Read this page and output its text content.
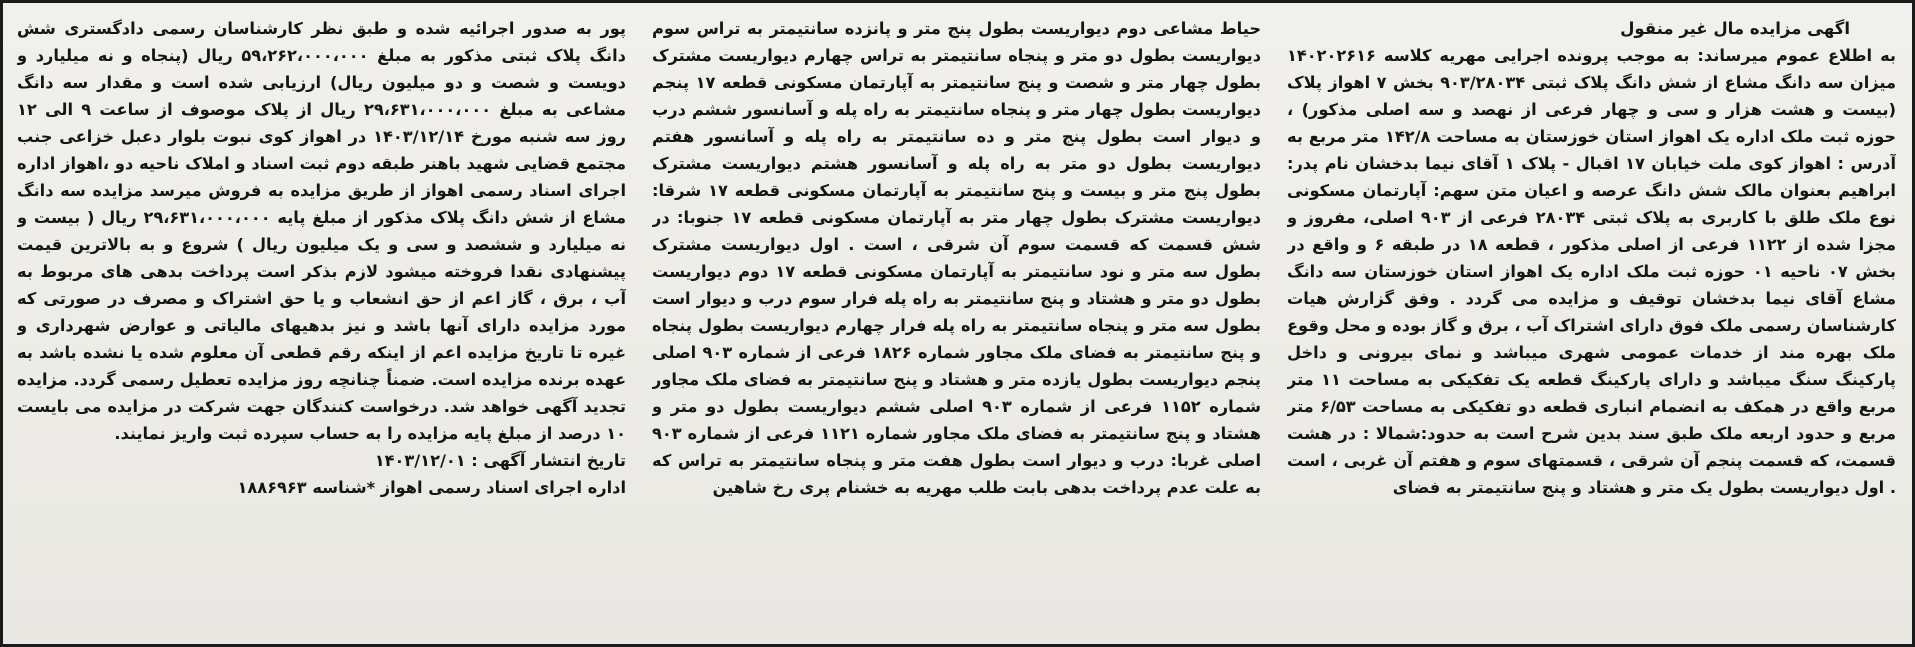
اگهی مزایده مال غیر منقول
به اطلاع عموم میرساند: به موجب پرونده اجرایی مهریه کلاسه ۱۴۰۲۰۲۶۱۶ میزان سه دانگ مشاع از شش دانگ پلاک ثبتی ۹۰۳/۲۸۰۳۴ بخش ۷ اهواز پلاک (بیست و هشت هزار و سی و چهار فرعی از نهصد و سه اصلی مذکور) ، حوزه ثبت ملک اداره یک اهواز استان خوزستان به مساحت ۱۴۲/۸ متر مربع به آدرس : اهواز کوی ملت خیابان ۱۷ اقبال - پلاک ۱ آقای نیما بدخشان نام پدر: ابراهیم بعنوان مالک شش دانگ عرصه و اعیان متن سهم: آپارتمان مسکونی نوع ملک طلق با کاربری به پلاک ثبتی ۲۸۰۳۴ فرعی از ۹۰۳ اصلی، مفروز و مجزا شده از ۱۱۲۲ فرعی از اصلی مذکور ، قطعه ۱۸ در طبقه ۶ و واقع در بخش ۰۷ ناحیه ۰۱ حوزه ثبت ملک اداره یک اهواز استان خوزستان سه دانگ مشاع آقای نیما بدخشان توقیف و مزایده می گردد . وفق گزارش هیات کارشناسان رسمی ملک فوق دارای اشتراک آب ، برق و گاز بوده و محل وقوع ملک بهره مند از خدمات عمومی شهری میباشد و نمای بیرونی و داخل پارکینگ سنگ میباشد و دارای پارکینگ قطعه یک تفکیکی به مساحت ۱۱ متر مربع واقع در همکف به انضمام انباری قطعه دو تفکیکی به مساحت ۶/۵۳ متر مربع و حدود اربعه ملک طبق سند بدین شرح است به حدود:شمالا : در هشت قسمت، که قسمت پنجم آن شرقی ، قسمتهای سوم و هفتم آن غربی ، است . اول دیواریست بطول یک متر و هشتاد و پنج سانتیمتر به فضای
حیاط مشاعی دوم دیواریست بطول پنج متر و پانزده سانتیمتر به تراس سوم دیواریست بطول دو متر و پنجاه سانتیمتر به تراس چهارم دیواریست مشترک بطول چهار متر و شصت و پنج سانتیمتر به آپارتمان مسکونی قطعه ۱۷ پنجم دیواریست بطول چهار متر و پنجاه سانتیمتر به راه پله و آسانسور ششم درب و دیوار است بطول پنج متر و ده سانتیمتر به راه پله و آسانسور هفتم دیواریست بطول دو متر به راه پله و آسانسور هشتم دیواریست مشترک بطول پنج متر و بیست و پنج سانتیمتر به آپارتمان مسکونی قطعه ۱۷ شرقا: دیواریست مشترک بطول چهار متر به آپارتمان مسکونی قطعه ۱۷ جنوبا: در شش قسمت که قسمت سوم آن شرقی ، است . اول دیواریست مشترک بطول سه متر و نود سانتیمتر به آپارتمان مسکونی قطعه ۱۷ دوم دیواریست بطول دو متر و هشتاد و پنج سانتیمتر به راه پله فرار سوم درب و دیوار است بطول سه متر و پنجاه سانتیمتر به راه پله فرار چهارم دیواریست بطول پنجاه و پنج سانتیمتر به فضای ملک مجاور شماره ۱۸۲۶ فرعی از شماره ۹۰۳ اصلی پنجم دیواریست بطول یازده متر و هشتاد و پنج سانتیمتر به فضای ملک مجاور شماره ۱۱۵۲ فرعی از شماره ۹۰۳ اصلی ششم دیواریست بطول دو متر و هشتاد و پنج سانتیمتر به فضای ملک مجاور شماره ۱۱۲۱ فرعی از شماره ۹۰۳ اصلی غربا: درب و دیوار است بطول هفت متر و پنجاه سانتیمتر به تراس که به علت عدم پرداخت بدهی بابت طلب مهریه به خشنام پری رخ شاهین
پور به صدور اجرائیه شده و طبق نظر کارشناسان رسمی دادگستری شش دانگ پلاک ثبتی مذکور به مبلغ ۵۹،۲۶۲،۰۰۰،۰۰۰ ریال (پنجاه و نه میلیارد و دویست و شصت و دو میلیون ریال) ارزیابی شده است و مقدار سه دانگ مشاعی به مبلغ ۲۹،۶۳۱،۰۰۰،۰۰۰ ریال از پلاک موصوف از ساعت ۹ الی ۱۲ روز سه شنبه مورخ ۱۴۰۳/۱۲/۱۴ در اهواز کوی نبوت بلوار دعبل خزاعی جنب مجتمع قضایی شهید باهنر طبقه دوم ثبت اسناد و املاک ناحیه دو ،اهواز اداره اجرای اسناد رسمی اهواز از طریق مزایده به فروش میرسد مزایده سه دانگ مشاع از شش دانگ پلاک مذکور از مبلغ پایه ۲۹،۶۳۱،۰۰۰،۰۰۰ ریال ( بیست و نه میلیارد و ششصد و سی و یک میلیون ریال ) شروع و به بالاترین قیمت پیشنهادی نقدا فروخته میشود لازم بذکر است پرداخت بدهی های مربوط به آب ، برق ، گاز اعم از حق انشعاب و یا حق اشتراک و مصرف در صورتی که مورد مزایده دارای آنها باشد و نیز بدهیهای مالیاتی و عوارض شهرداری و غیره تا تاریخ مزایده اعم از اینکه رقم قطعی آن معلوم شده یا نشده باشد به عهده برنده مزایده است. ضمناً چنانچه روز مزایده تعطیل رسمی گردد. مزایده تجدید آگهی خواهد شد. درخواست کنندگان جهت شرکت در مزایده می بایست ۱۰ درصد از مبلغ پایه مزایده را به حساب سپرده ثبت واریز نمایند.
تاریخ انتشار آگهی : ۱۴۰۳/۱۲/۰۱
اداره اجرای اسناد رسمی اهواز *شناسه ۱۸۸۶۹۶۳
